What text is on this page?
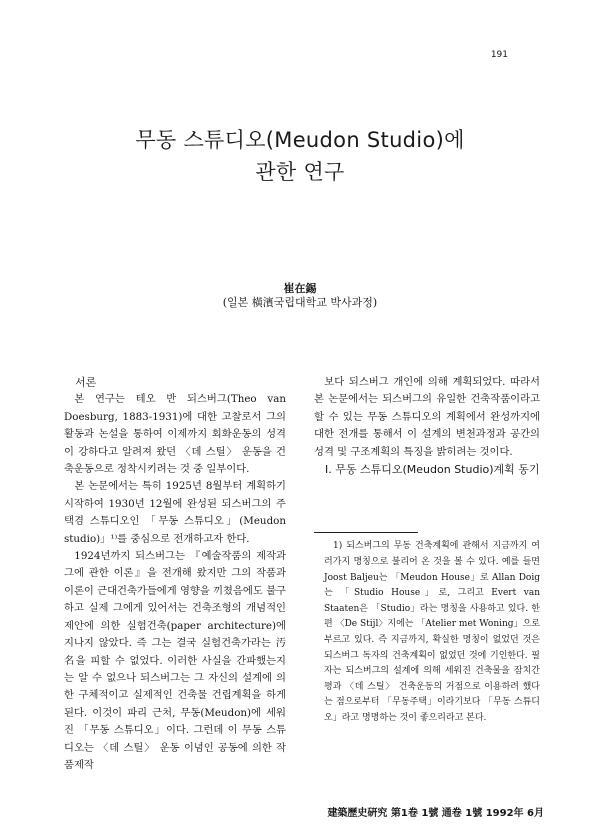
191
무동 스튜디오(Meudon Studio)에
관한 연구
崔在錫
(일본 橫濱국립대학교 박사과정)

서론

본 연구는 테오 반 되스버그(Theo van Doesburg, 1883-1931)에 대한 고찰로서 그의 활동과 논설을 통하여 이제까지 회화운동의 성격이 강하다고 알려져 왔던 〈데 스틸〉 운동을 건축운동으로 정착시키려는 것 중 일부이다.

본 논문에서는 특히 1925년 8월부터 계획하기 시작하여 1930년 12월에 완성된 되스버그의 주택겸 스튜디오인 「무동 스튜디오」(Meudon studio)」¹⁾를 중심으로 전개하고자 한다.

1924년까지 되스버그는 『예술작품의 제작과 그에 관한 이론』을 전개해 왔지만 그의 작품과 이론이 근대건축가들에게 영향을 끼쳤음에도 불구하고 실제 그에게 있어서는 건축조형의 개념적인 제안에 의한 실험건축(paper architecture)에 지나지 않았다. 즉 그는 결국 실험건축가라는 汚名을 피할 수 없었다. 이러한 사실을 간파했는지는 알 수 없으나 되스버그는 그 자신의 설계에 의한 구체적이고 실제적인 건축물 건립계획을 하게 된다. 이것이 파리 근처, 무동(Meudon)에 세워진 「무동 스튜디오」이다. 그런데 이 무동 스튜디오는 〈데 스틸〉 운동 이념인 공동에 의한 작품제작

보다 되스버그 개인에 의해 계획되었다. 따라서 본 논문에서는 되스버그의 유일한 건축작품이라고 할 수 있는 무동 스튜디오의 계획에서 완성까지에 대한 전개를 통해서 이 설계의 변천과정과 공간의 성격 및 구조계획의 특징을 밝히려는 것이다.

Ⅰ. 무동 스튜디오(Meudon Studio)계획 동기

1) 되스버그의 무동 건축계획에 관해서 지금까지 여러가지 명칭으로 불리어 온 것을 볼 수 있다. 예를 들면 Joost Baljeu는 「Meudon House」로 Allan Doig는 「Studio House」로, 그리고 Evert van Staaten은 「Studio」라는 명칭을 사용하고 있다. 한편 〈De Stijl〉지에는 「Atelier met Woning」으로 부르고 있다. 즉 지금까지, 확실한 명칭이 없었던 것은 되스버그 독자의 건축계획이 없었던 것에 기인한다. 필자는 되스버그의 설계에 의해 세워진 건축물을 잠치간평과 〈데 스틸〉 건축운동의 거점으로 이용하려 했다는 점으로부터 「무동주택」이라기보다 「무동 스튜디오」라고 명명하는 것이 좋으리라고 본다.

建築歷史硏究 第1卷 1號 通卷 1號 1992年 6月
